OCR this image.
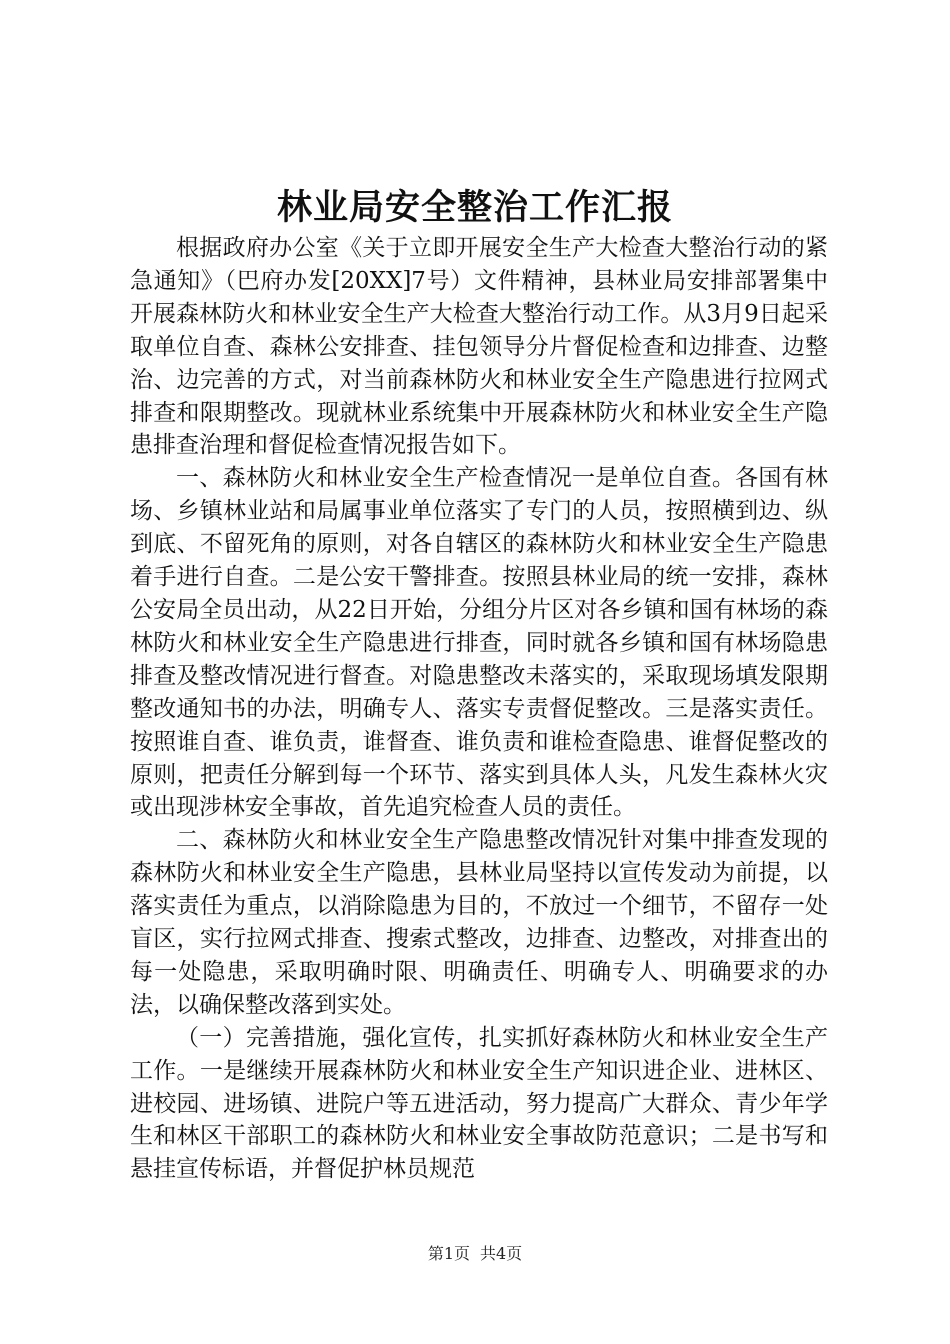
林业局安全整治工作汇报

根据政府办公室《关于立即开展安全生产大检查大整治行动的紧急通知》（巴府办发[20XX]7号）文件精神，县林业局安排部署集中开展森林防火和林业安全生产大检查大整治行动工作。从3月9日起采取单位自查、森林公安排查、挂包领导分片督促检查和边排查、边整治、边完善的方式，对当前森林防火和林业安全生产隐患进行拉网式排查和限期整改。现就林业系统集中开展森林防火和林业安全生产隐患排查治理和督促检查情况报告如下。

一、森林防火和林业安全生产检查情况一是单位自查。各国有林场、乡镇林业站和局属事业单位落实了专门的人员，按照横到边、纵到底、不留死角的原则，对各自辖区的森林防火和林业安全生产隐患着手进行自查。二是公安干警排查。按照县林业局的统一安排，森林公安局全员出动，从22日开始，分组分片区对各乡镇和国有林场的森林防火和林业安全生产隐患进行排查，同时就各乡镇和国有林场隐患排查及整改情况进行督查。对隐患整改未落实的，采取现场填发限期整改通知书的办法，明确专人、落实专责督促整改。三是落实责任。按照谁自查、谁负责，谁督查、谁负责和谁检查隐患、谁督促整改的原则，把责任分解到每一个环节、落实到具体人头，凡发生森林火灾或出现涉林安全事故，首先追究检查人员的责任。

二、森林防火和林业安全生产隐患整改情况针对集中排查发现的森林防火和林业安全生产隐患，县林业局坚持以宣传发动为前提，以落实责任为重点，以消除隐患为目的，不放过一个细节，不留存一处盲区，实行拉网式排查、搜索式整改，边排查、边整改，对排查出的每一处隐患，采取明确时限、明确责任、明确专人、明确要求的办法，以确保整改落到实处。

（一）完善措施，强化宣传，扎实抓好森林防火和林业安全生产工作。一是继续开展森林防火和林业安全生产知识进企业、进林区、进校园、进场镇、进院户等五进活动，努力提高广大群众、青少年学生和林区干部职工的森林防火和林业安全事故防范意识；二是书写和悬挂宣传标语，并督促护林员规范

第1页 共4页
